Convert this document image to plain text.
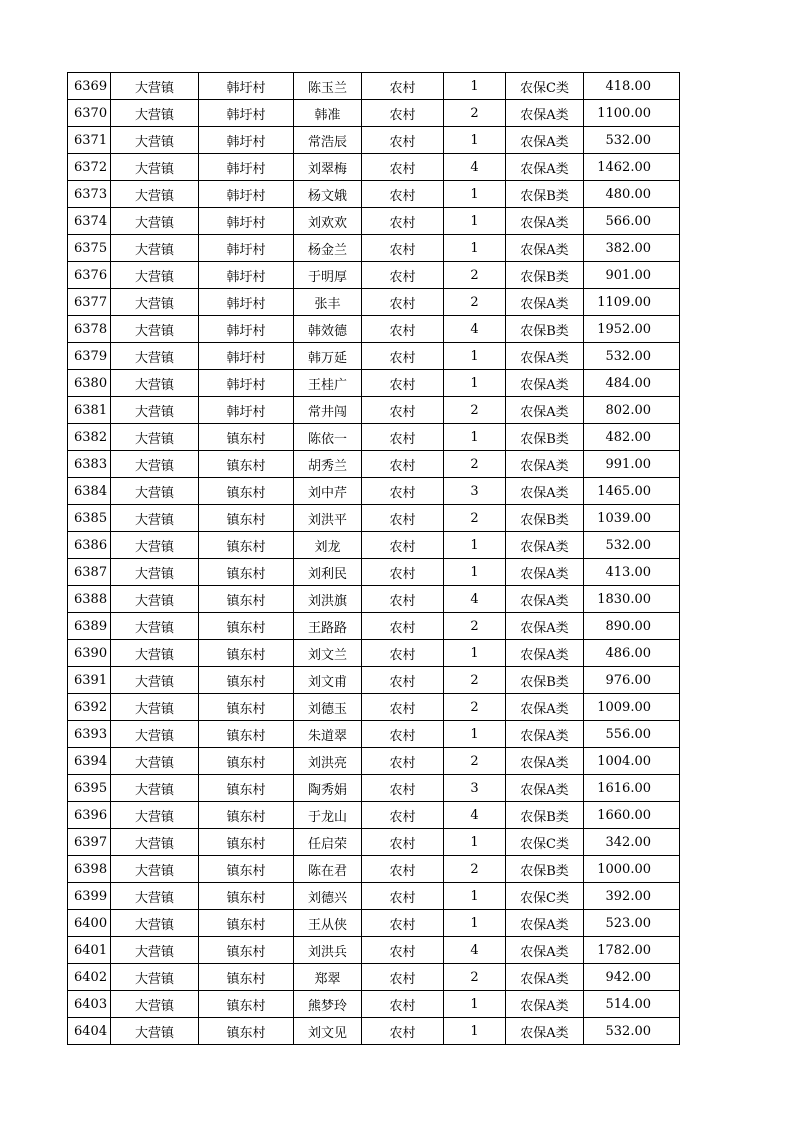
6369	大营镇	韩圩村	陈玉兰	农村	1	农保C类	418.00
6370	大营镇	韩圩村	韩准	农村	2	农保A类	1100.00
6371	大营镇	韩圩村	常浩辰	农村	1	农保A类	532.00
6372	大营镇	韩圩村	刘翠梅	农村	4	农保A类	1462.00
6373	大营镇	韩圩村	杨文娥	农村	1	农保B类	480.00
6374	大营镇	韩圩村	刘欢欢	农村	1	农保A类	566.00
6375	大营镇	韩圩村	杨金兰	农村	1	农保A类	382.00
6376	大营镇	韩圩村	于明厚	农村	2	农保B类	901.00
6377	大营镇	韩圩村	张丰	农村	2	农保A类	1109.00
6378	大营镇	韩圩村	韩效德	农村	4	农保B类	1952.00
6379	大营镇	韩圩村	韩万延	农村	1	农保A类	532.00
6380	大营镇	韩圩村	王桂广	农村	1	农保A类	484.00
6381	大营镇	韩圩村	常井闯	农村	2	农保A类	802.00
6382	大营镇	镇东村	陈依一	农村	1	农保B类	482.00
6383	大营镇	镇东村	胡秀兰	农村	2	农保A类	991.00
6384	大营镇	镇东村	刘中芹	农村	3	农保A类	1465.00
6385	大营镇	镇东村	刘洪平	农村	2	农保B类	1039.00
6386	大营镇	镇东村	刘龙	农村	1	农保A类	532.00
6387	大营镇	镇东村	刘利民	农村	1	农保A类	413.00
6388	大营镇	镇东村	刘洪旗	农村	4	农保A类	1830.00
6389	大营镇	镇东村	王路路	农村	2	农保A类	890.00
6390	大营镇	镇东村	刘文兰	农村	1	农保A类	486.00
6391	大营镇	镇东村	刘文甫	农村	2	农保B类	976.00
6392	大营镇	镇东村	刘德玉	农村	2	农保A类	1009.00
6393	大营镇	镇东村	朱道翠	农村	1	农保A类	556.00
6394	大营镇	镇东村	刘洪亮	农村	2	农保A类	1004.00
6395	大营镇	镇东村	陶秀娟	农村	3	农保A类	1616.00
6396	大营镇	镇东村	于龙山	农村	4	农保B类	1660.00
6397	大营镇	镇东村	任启荣	农村	1	农保C类	342.00
6398	大营镇	镇东村	陈在君	农村	2	农保B类	1000.00
6399	大营镇	镇东村	刘德兴	农村	1	农保C类	392.00
6400	大营镇	镇东村	王从侠	农村	1	农保A类	523.00
6401	大营镇	镇东村	刘洪兵	农村	4	农保A类	1782.00
6402	大营镇	镇东村	郑翠	农村	2	农保A类	942.00
6403	大营镇	镇东村	熊梦玲	农村	1	农保A类	514.00
6404	大营镇	镇东村	刘文见	农村	1	农保A类	532.00
